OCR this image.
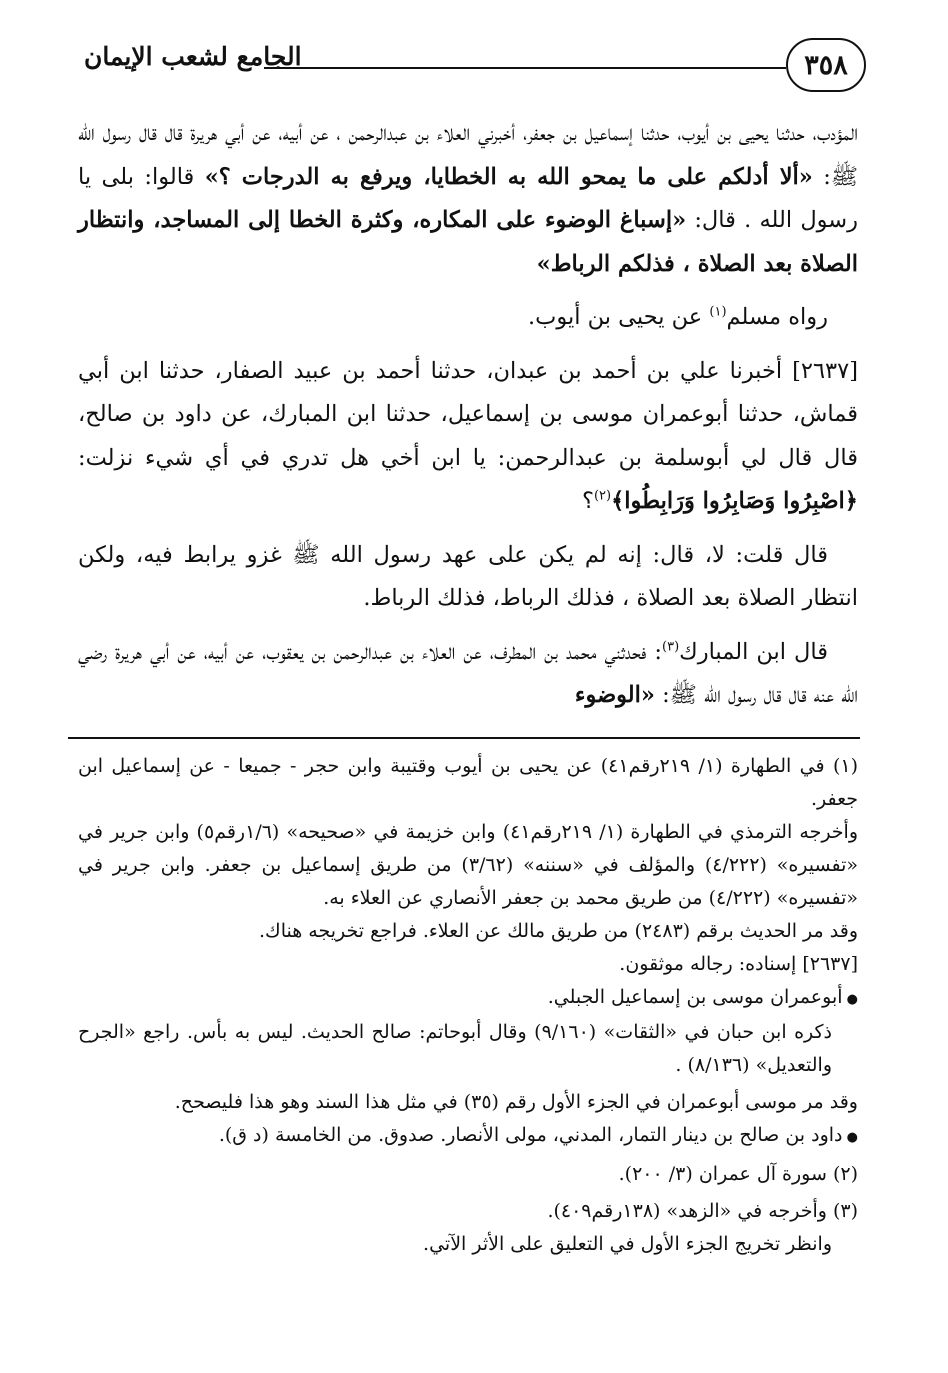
٣٥٨
الجامع لشعب الإيمان

المؤدب، حدثنا يحيى بن أيوب، حدثنا إسماعيل بن جعفر، أخبرني العلاء بن عبدالرحمن ، عن أبيه، عن أبي هريرة قال قال رسول الله ﷺ: «ألا أدلكم على ما يمحو الله به الخطايا، ويرفع به الدرجات ؟» قالوا: بلى يا رسول الله . قال: «إسباغ الوضوء على المكاره، وكثرة الخطا إلى المساجد، وانتظار الصلاة بعد الصلاة ، فذلكم الرباط»

رواه مسلم$^{(١)}$ عن يحيى بن أيوب.

[٢٦٣٧] أخبرنا علي بن أحمد بن عبدان، حدثنا أحمد بن عبيد الصفار، حدثنا ابن أبي قماش، حدثنا أبوعمران موسى بن إسماعيل، حدثنا ابن المبارك، عن داود بن صالح، قال قال لي أبوسلمة بن عبدالرحمن: يا ابن أخي هل تدري في أي شيء نزلت: ﴿اصْبِرُوا وَصَابِرُوا وَرَابِطُوا﴾$^{(٢)}$؟

قال قلت: لا، قال: إنه لم يكن على عهد رسول الله ﷺ غزو يرابط فيه، ولكن انتظار الصلاة بعد الصلاة ، فذلك الرباط، فذلك الرباط.

قال ابن المبارك$^{(٣)}$: فحدثني محمد بن المطرف، عن العلاء بن عبدالرحمن بن يعقوب، عن أبيه، عن أبي هريرة رضي الله عنه قال قال رسول الله ﷺ: «الوضوء

(١) في الطهارة (١/ ٢١٩رقم٤١) عن يحيى بن أيوب وقتيبة وابن حجر - جميعا - عن إسماعيل ابن جعفر.

وأخرجه الترمذي في الطهارة (١/ ٢١٩رقم٤١) وابن خزيمة في «صحيحه» (١/٦رقم٥) وابن جرير في «تفسيره» (٤/٢٢٢) والمؤلف في «سننه» (٣/٦٢) من طريق إسماعيل بن جعفر. وابن جرير في «تفسيره» (٤/٢٢٢) من طريق محمد بن جعفر الأنصاري عن العلاء به.

وقد مر الحديث برقم (٢٤٨٣) من طريق مالك عن العلاء. فراجع تخريجه هناك.

[٢٦٣٧] إسناده: رجاله موثقون.

● أبوعمران موسى بن إسماعيل الجبلي.

ذكره ابن حبان في «الثقات» (٩/١٦٠) وقال أبوحاتم: صالح الحديث. ليس به بأس. راجع «الجرح والتعديل» (٨/١٣٦) .

وقد مر موسى أبوعمران في الجزء الأول رقم (٣٥) في مثل هذا السند وهو هذا فليصحح.

● داود بن صالح بن دينار التمار، المدني، مولى الأنصار. صدوق. من الخامسة (د ق).

(٢) سورة آل عمران (٣/ ٢٠٠).

(٣) وأخرجه في «الزهد» (١٣٨رقم٤٠٩).

وانظر تخريج الجزء الأول في التعليق على الأثر الآتي.
